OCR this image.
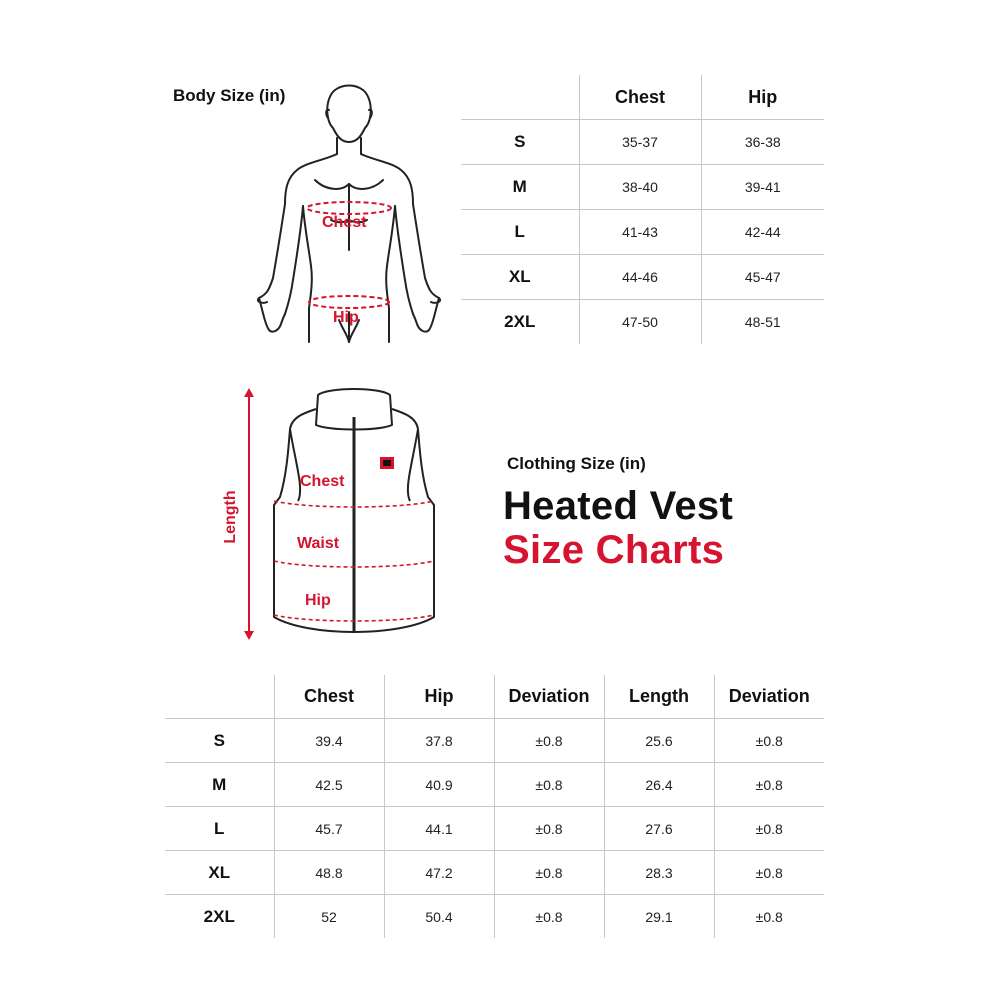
Body Size (in)
Chest
Hip
	Chest	Hip
S	35-37	36-38
M	38-40	39-41
L	41-43	42-44
XL	44-46	45-47
2XL	47-50	48-51
Length
Chest
Waist
Hip
Clothing Size (in)
Heated Vest
Size Charts
	Chest	Hip	Deviation	Length	Deviation
S	39.4	37.8	±0.8	25.6	±0.8
M	42.5	40.9	±0.8	26.4	±0.8
L	45.7	44.1	±0.8	27.6	±0.8
XL	48.8	47.2	±0.8	28.3	±0.8
2XL	52	50.4	±0.8	29.1	±0.8
